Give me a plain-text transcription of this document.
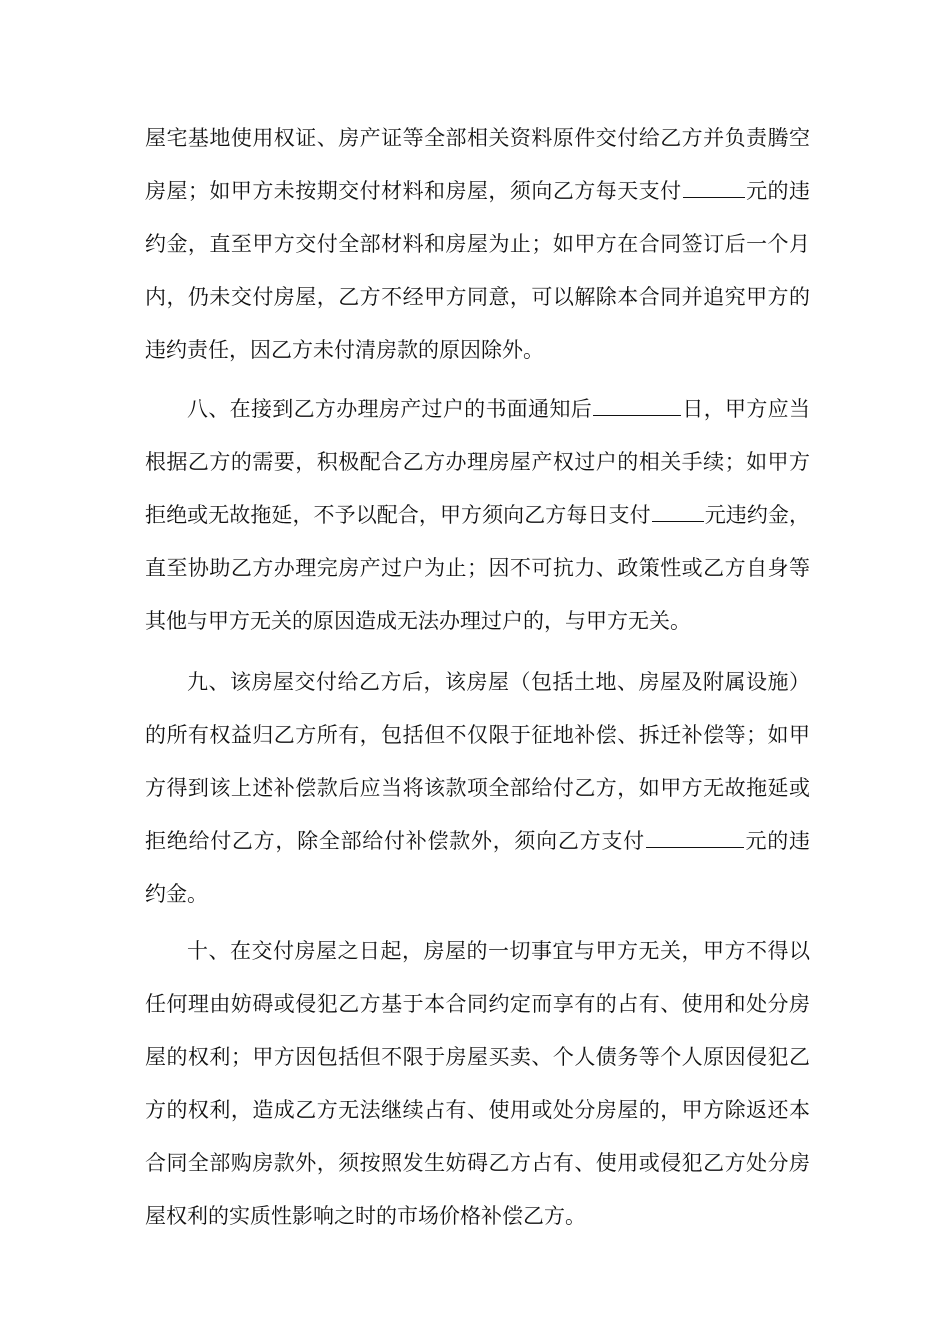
屋宅基地使用权证、房产证等全部相关资料原件交付给乙方并负责腾空房屋；如甲方未按期交付材料和房屋，须向乙方每天支付	元的违约金，直至甲方交付全部材料和房屋为止；如甲方在合同签订后一个月内，仍未交付房屋，乙方不经甲方同意，可以解除本合同并追究甲方的违约责任，因乙方未付清房款的原因除外。

八、在接到乙方办理房产过户的书面通知后	日，甲方应当根据乙方的需要，积极配合乙方办理房屋产权过户的相关手续；如甲方拒绝或无故拖延，不予以配合，甲方须向乙方每日支付	元违约金，直至协助乙方办理完房产过户为止；因不可抗力、政策性或乙方自身等其他与甲方无关的原因造成无法办理过户的，与甲方无关。

九、该房屋交付给乙方后，该房屋（包括土地、房屋及附属设施）的所有权益归乙方所有，包括但不仅限于征地补偿、拆迁补偿等；如甲方得到该上述补偿款后应当将该款项全部给付乙方，如甲方无故拖延或拒绝给付乙方，除全部给付补偿款外，须向乙方支付	元的违约金。

十、在交付房屋之日起，房屋的一切事宜与甲方无关，甲方不得以任何理由妨碍或侵犯乙方基于本合同约定而享有的占有、使用和处分房屋的权利；甲方因包括但不限于房屋买卖、个人债务等个人原因侵犯乙方的权利，造成乙方无法继续占有、使用或处分房屋的，甲方除返还本合同全部购房款外，须按照发生妨碍乙方占有、使用或侵犯乙方处分房屋权利的实质性影响之时的市场价格补偿乙方。
